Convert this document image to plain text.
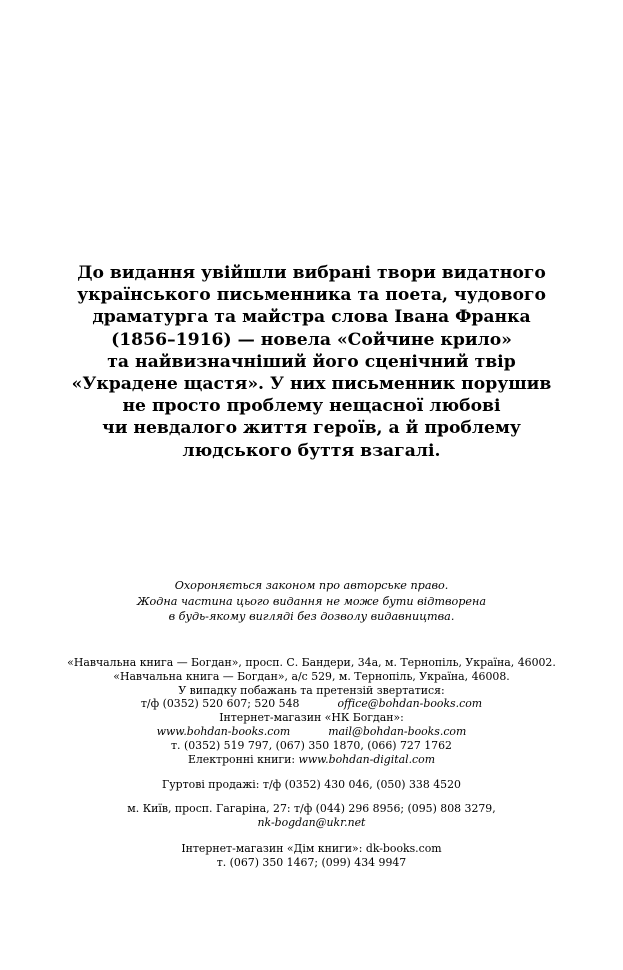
До видання увійшли вибрані твори видатного
українського письменника та поета, чудового
драматурга та майстра слова Івана Франка
(1856–1916) — новела «Сойчине крило»
та найвизначніший його сценічний твір
«Украдене щастя». У них письменник порушив
не просто проблему нещасної любові
чи невдалого життя героїв, а й проблему
людського буття взагалі.
Охороняється законом про авторське право.
Жодна частина цього видання не може бути відтворена
в будь-якому вигляді без дозволу видавництва.
«Навчальна книга — Богдан», просп. С. Бандери, 34а, м. Тернопіль, Україна, 46002.
«Навчальна книга — Богдан», а/с 529, м. Тернопіль, Україна, 46008.
У випадку побажань та претензій звертатися:
т/ф (0352) 520 607; 520 548	office@bohdan-books.com
Інтернет-магазин «НК Богдан»:
www.bohdan-books.com	mail@bohdan-books.com
т. (0352) 519 797, (067) 350 1870, (066) 727 1762
Електронні книги: www.bohdan-digital.com
Гуртові продажі: т/ф (0352) 430 046, (050) 338 4520
м. Київ, просп. Гагаріна, 27: т/ф (044) 296 8956; (095) 808 3279,
nk-bogdan@ukr.net
Інтернет-магазин «Дім книги»: dk-books.com
т. (067) 350 1467; (099) 434 9947
